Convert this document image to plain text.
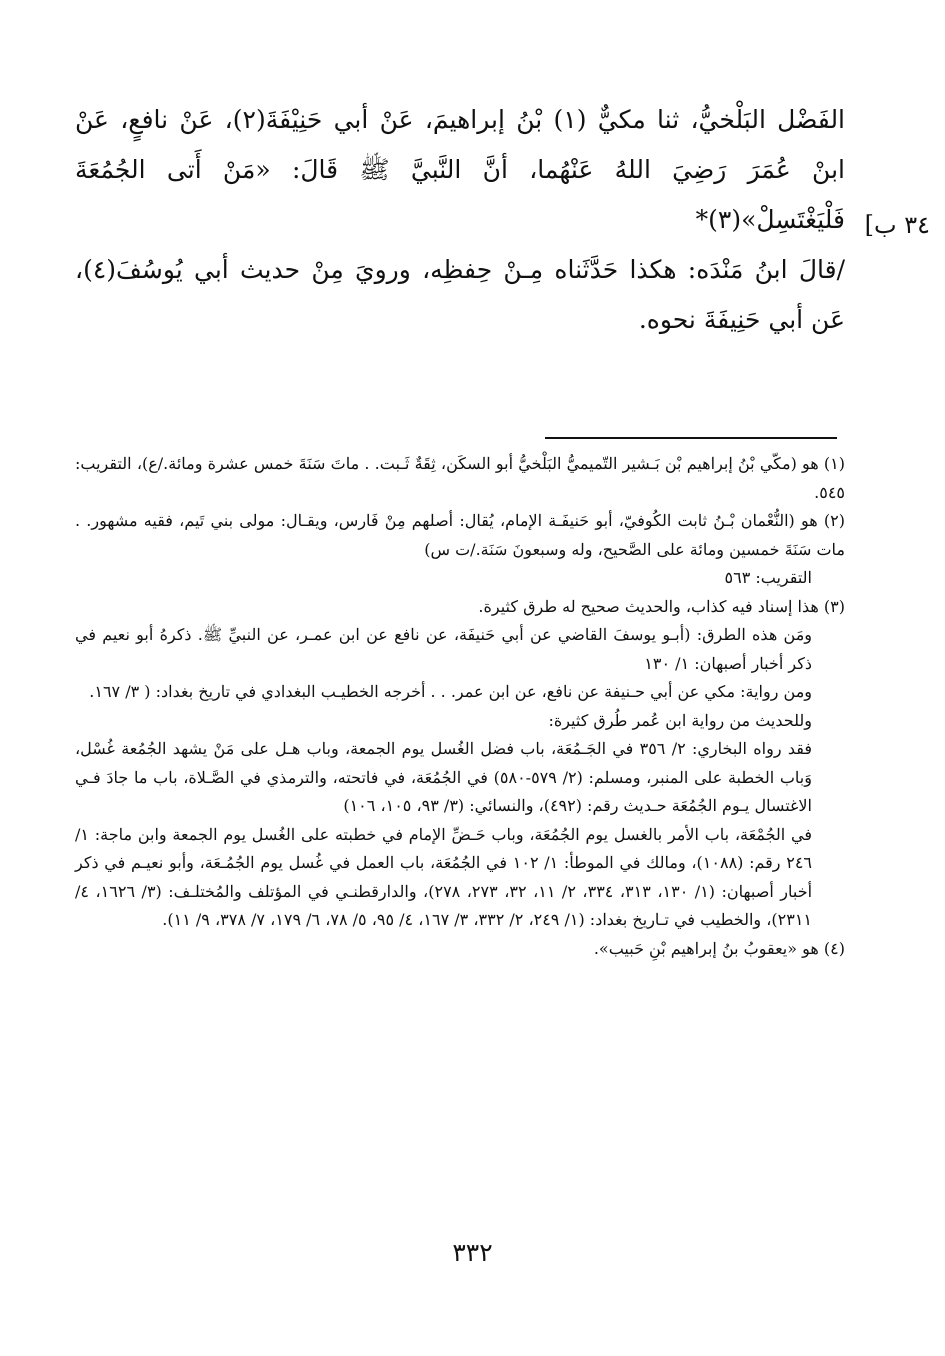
الفَضْل البَلْخيُّ، ثنا مكيٌّ (١) بْنُ إبراهيمَ، عَنْ أبي حَنِيْفَةَ(٢)، عَنْ نافعٍ، عَنْ ابنْ عُمَرَ رَضِيَ اللهُ عَنْهُما، أنَّ النَّبيَّ ﷺ قَالَ: «مَنْ أَتى الجُمُعَةَ فَلْيَغْتَسِلْ»(٣)*

/قالَ ابنُ مَنْدَه: هكذا حَدَّثَناه مِـنْ حِفظِه، ورويَ مِنْ حديث أبي يُوسُفَ(٤)، عَن أبي حَنِيفَةَ نحوه.

[٣٤ ب

(١) هو (مكّي بْنُ إبراهيم بْن بَـشير التّميميُّ البَلْخيُّ أبو السكَن، ثِقَةٌ ثَـبت. . ماتَ سَنَةَ خمس عشرة ومائة./ع)، التقريب: ٥٤٥.

(٢) هو (النُّعْمان بْـنُ ثابت الكُوفيّ، أبو حَنيفَـة الإمام، يُقال: أصلهم مِنْ فَارس، ويقـال: مولى بني تَيم، فقيه مشهور. . مات سَنَةَ خمسين ومائة على الصَّحيح، وله وسبعونَ سَنَة./ت س)

التقريب: ٥٦٣

(٣) هذا إسناد فيه كذاب، والحديث صحيح له طرق كثيرة.

ومَن هذه الطرق: (أبـو يوسفَ القاضي عن أبي حَنيفَة، عن نافع عن ابن عمـر، عن النبيِّ ﷺ. ذكرهُ أبو نعيم في ذكر أخبار أصبهان: ١/ ١٣٠

ومن رواية: مكي عن أبي حـنيفة عن نافع، عن ابن عمر. . . أخرجه الخطيـب البغدادي في تاريخ بغداد: ( ٣/ ١٦٧.

وللحديث من رواية ابن عُمر طُرق كثيرة:

فقد رواه البخاري: ٢/ ٣٥٦ في الجَـمُعَة، باب فضل الغُسل يوم الجمعة، وباب هـل على مَنْ يشهد الجُمُعة غُسْل، وَباب الخطبة على المنبر، ومسلم: (٢/ ٥٧٩-٥٨٠) في الجُمُعَة، في فاتحته، والترمذي في الصَّـلاة، باب ما جادَ فـي الاغتسال يـوم الجُمُعَة حـديث رقم: (٤٩٢)، والنسائي: (٣/ ٩٣، ١٠٥، ١٠٦)

في الجُمْعَة، باب الأمر بالغسل يوم الجُمُعَة، وباب حَـضِّ الإمام في خطبته على الغُسل يوم الجمعة وابن ماجة: ١/ ٢٤٦ رقم: (١٠٨٨)، ومالك في الموطأ: ١/ ١٠٢ في الجُمُعَة، باب العمل في غُسل يوم الجُمُـعَة، وأبو نعيـم في ذكر أخبار أصبهان: (١/ ١٣٠، ٣١٣، ٣٣٤، ٢/ ١١، ٣٢، ٢٧٣، ٢٧٨)، والدارقطنـي في المؤتلف والمُختلـف: (٣/ ١٦٢٦، ٤/ ٢٣١١)، والخطيب في تـاريخ بغداد: (١/ ٢٤٩، ٢/ ٣٣٢، ٣/ ١٦٧، ٤/ ٩٥، ٥/ ٧٨، ٦/ ١٧٩، ٧/ ٣٧٨، ٩/ ١١).

(٤) هو «يعقوبُ بنُ إبراهيم بْنِ حَبيب».

٣٣٢
